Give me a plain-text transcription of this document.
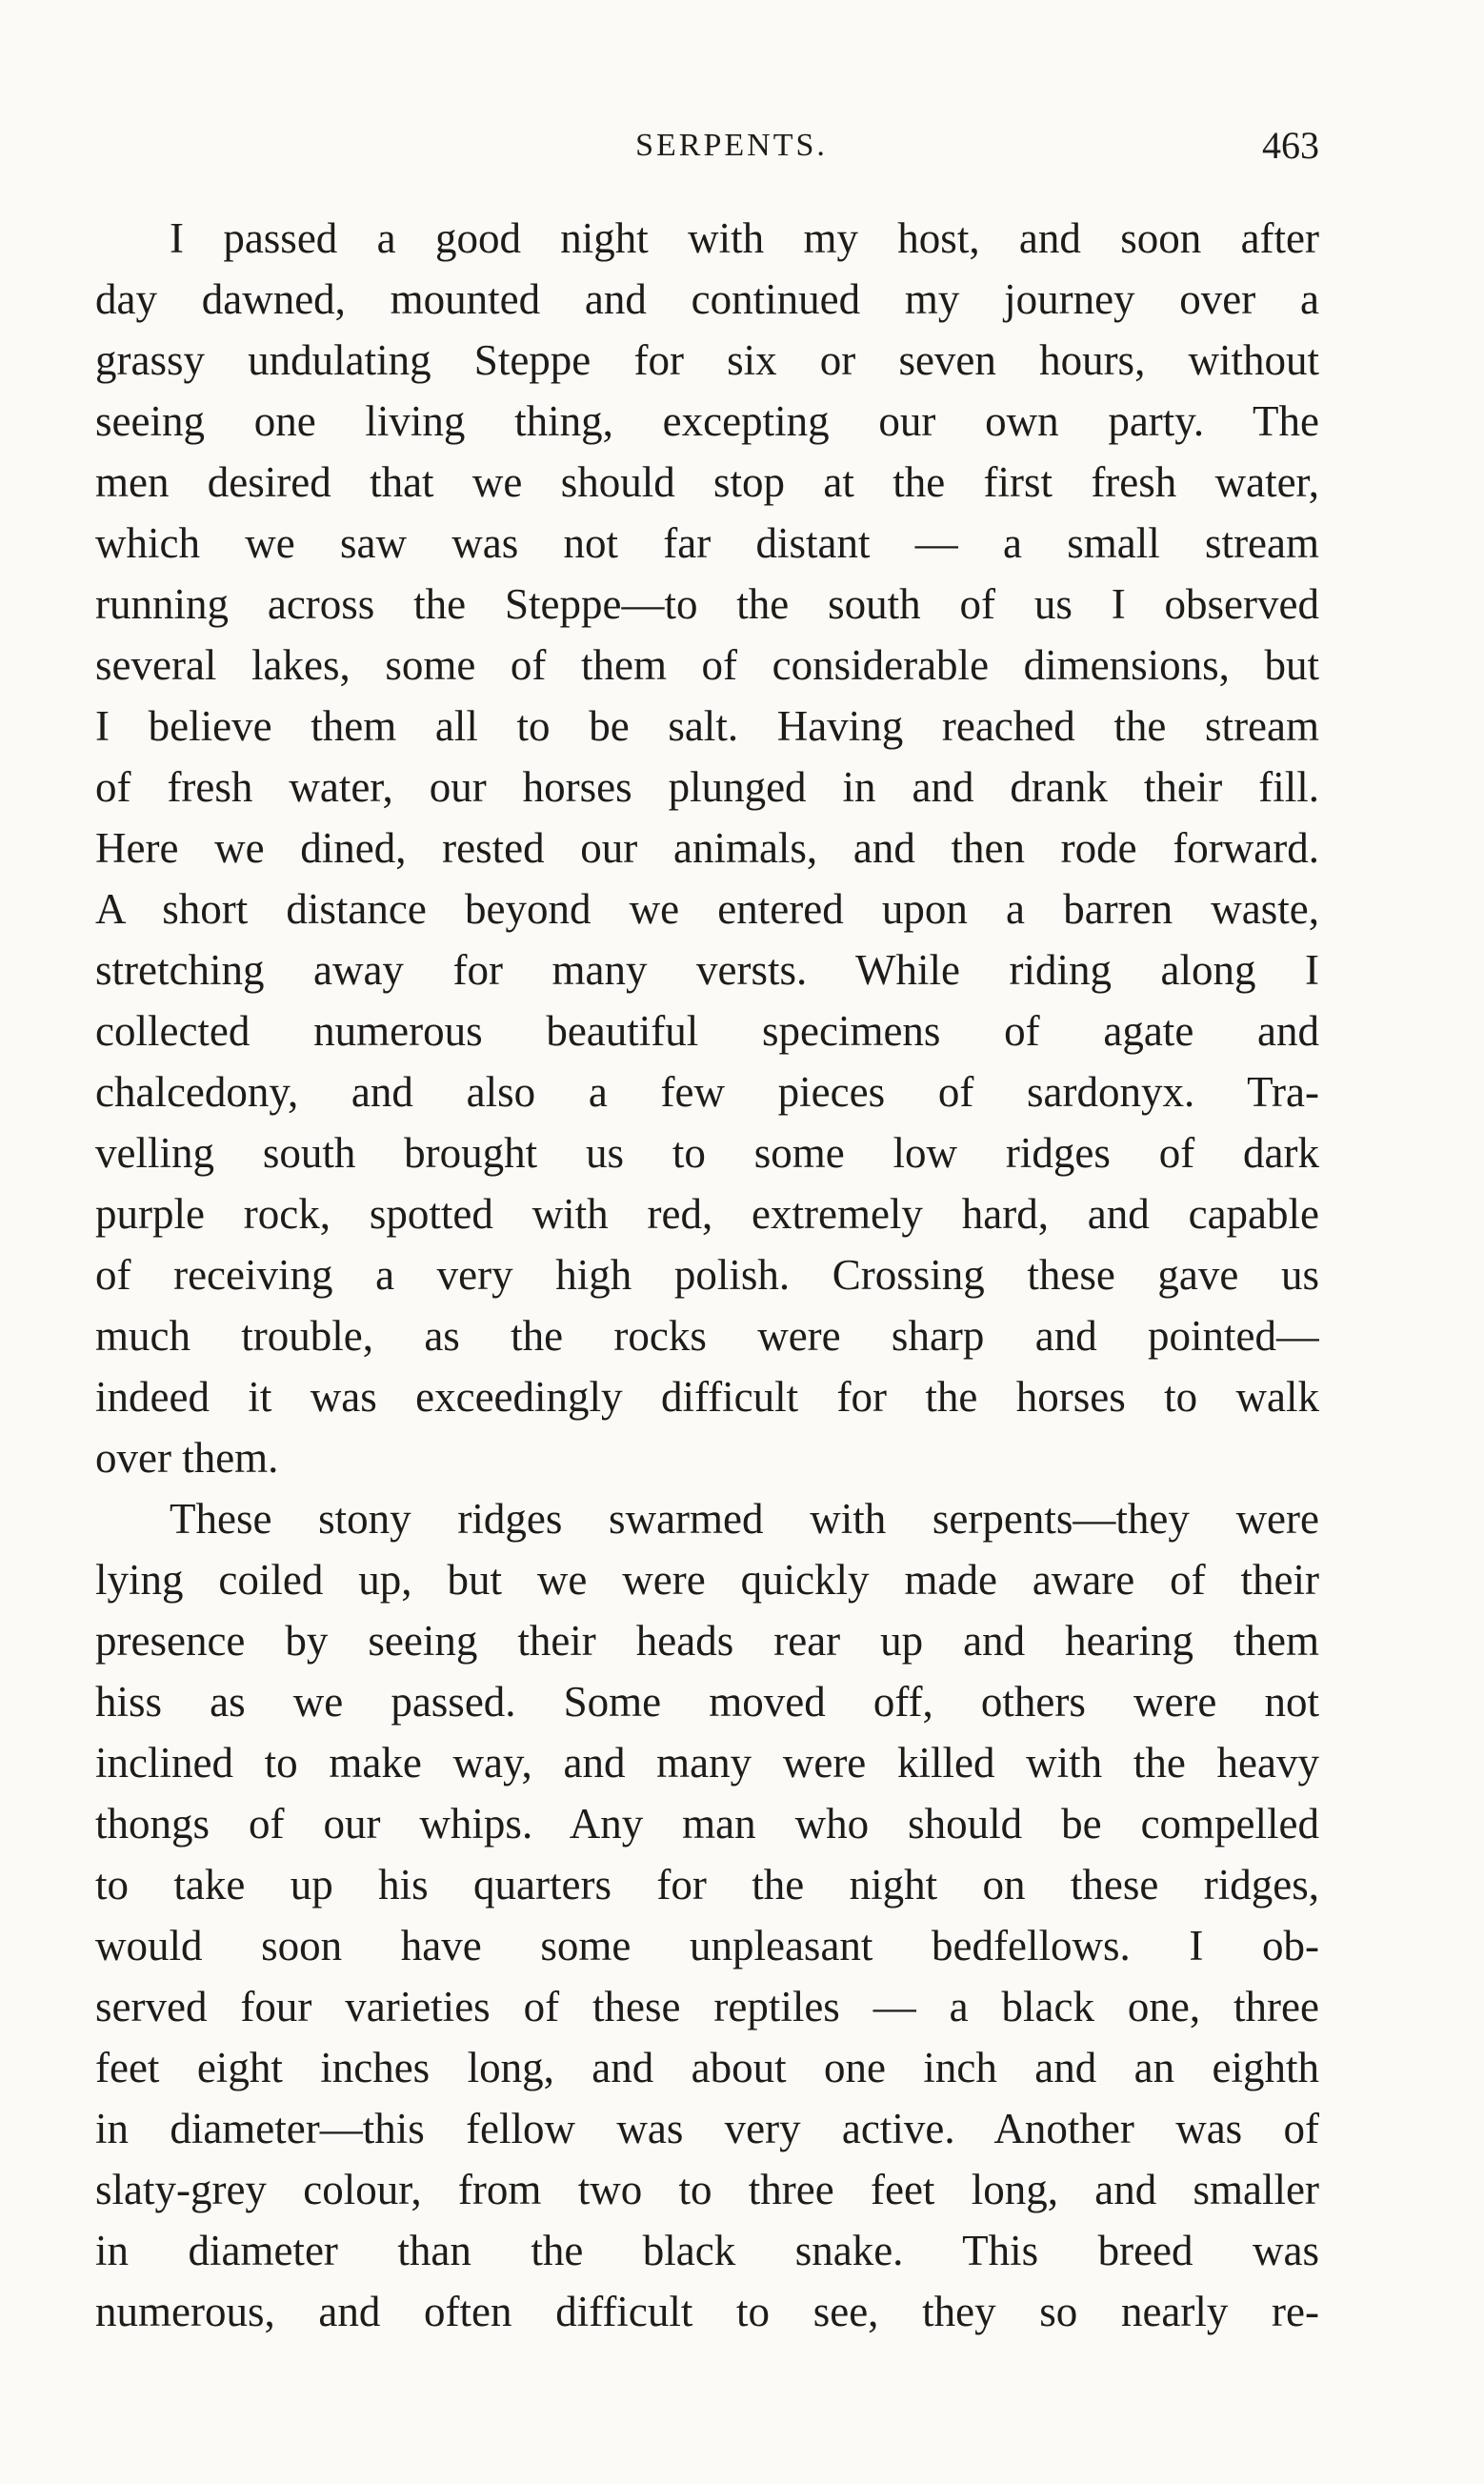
SERPENTS.	463
I passed a good night with my host, and soon after
day dawned, mounted and continued my journey over a
grassy undulating Steppe for six or seven hours, without
seeing one living thing, excepting our own party. The
men desired that we should stop at the first fresh water,
which we saw was not far distant — a small stream
running across the Steppe—to the south of us I observed
several lakes, some of them of considerable dimensions, but
I believe them all to be salt. Having reached the stream
of fresh water, our horses plunged in and drank their fill.
Here we dined, rested our animals, and then rode forward.
A short distance beyond we entered upon a barren waste,
stretching away for many versts. While riding along I
collected numerous beautiful specimens of agate and
chalcedony, and also a few pieces of sardonyx. Tra-
velling south brought us to some low ridges of dark
purple rock, spotted with red, extremely hard, and capable
of receiving a very high polish. Crossing these gave us
much trouble, as the rocks were sharp and pointed—
indeed it was exceedingly difficult for the horses to walk
over them.
These stony ridges swarmed with serpents—they were
lying coiled up, but we were quickly made aware of their
presence by seeing their heads rear up and hearing them
hiss as we passed. Some moved off, others were not
inclined to make way, and many were killed with the heavy
thongs of our whips. Any man who should be compelled
to take up his quarters for the night on these ridges,
would soon have some unpleasant bedfellows. I ob-
served four varieties of these reptiles — a black one, three
feet eight inches long, and about one inch and an eighth
in diameter—this fellow was very active. Another was of
slaty-grey colour, from two to three feet long, and smaller
in diameter than the black snake. This breed was
numerous, and often difficult to see, they so nearly re-
